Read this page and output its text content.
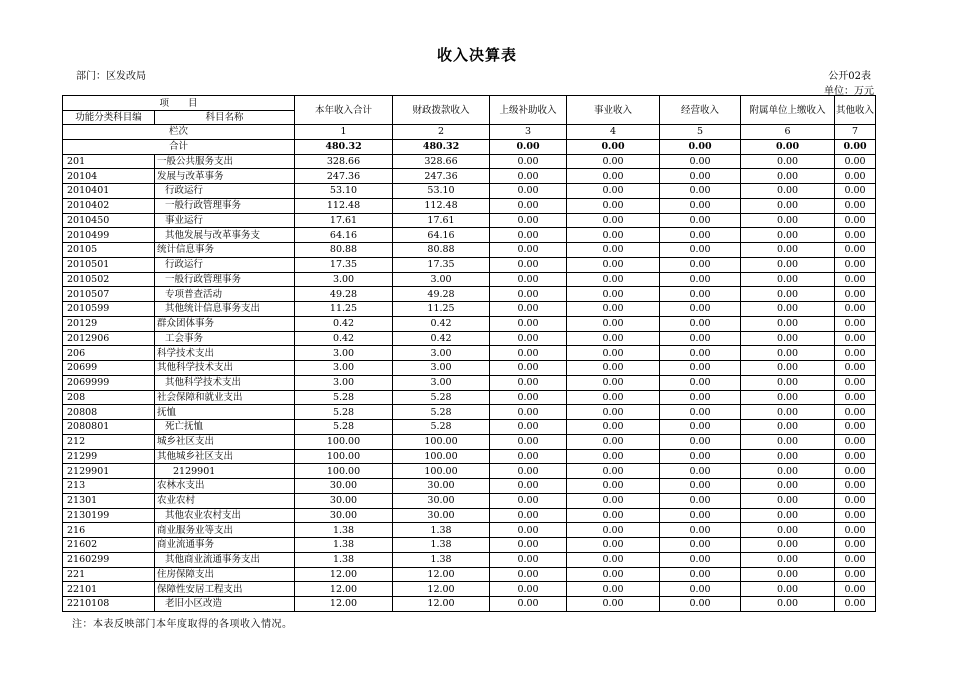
收入决算表
部门：区发改局	公开02表
单位：万元
项　　目		本年收入合计	财政拨款收入	上级补助收入	事业收入	经营收入	附属单位上缴收入	其他收入
功能分类科目编	科目名称							
栏次		1	2	3	4	5	6	7
合计		480.32	480.32	0.00	0.00	0.00	0.00	0.00
201	一般公共服务支出	328.66	328.66	0.00	0.00	0.00	0.00	0.00
20104	发展与改革事务	247.36	247.36	0.00	0.00	0.00	0.00	0.00
2010401	行政运行	53.10	53.10	0.00	0.00	0.00	0.00	0.00
2010402	一般行政管理事务	112.48	112.48	0.00	0.00	0.00	0.00	0.00
2010450	事业运行	17.61	17.61	0.00	0.00	0.00	0.00	0.00
2010499	其他发展与改革事务支	64.16	64.16	0.00	0.00	0.00	0.00	0.00
20105	统计信息事务	80.88	80.88	0.00	0.00	0.00	0.00	0.00
2010501	行政运行	17.35	17.35	0.00	0.00	0.00	0.00	0.00
2010502	一般行政管理事务	3.00	3.00	0.00	0.00	0.00	0.00	0.00
2010507	专项普查活动	49.28	49.28	0.00	0.00	0.00	0.00	0.00
2010599	其他统计信息事务支出	11.25	11.25	0.00	0.00	0.00	0.00	0.00
20129	群众团体事务	0.42	0.42	0.00	0.00	0.00	0.00	0.00
2012906	工会事务	0.42	0.42	0.00	0.00	0.00	0.00	0.00
206	科学技术支出	3.00	3.00	0.00	0.00	0.00	0.00	0.00
20699	其他科学技术支出	3.00	3.00	0.00	0.00	0.00	0.00	0.00
2069999	其他科学技术支出	3.00	3.00	0.00	0.00	0.00	0.00	0.00
208	社会保障和就业支出	5.28	5.28	0.00	0.00	0.00	0.00	0.00
20808	抚恤	5.28	5.28	0.00	0.00	0.00	0.00	0.00
2080801	死亡抚恤	5.28	5.28	0.00	0.00	0.00	0.00	0.00
212	城乡社区支出	100.00	100.00	0.00	0.00	0.00	0.00	0.00
21299	其他城乡社区支出	100.00	100.00	0.00	0.00	0.00	0.00	0.00
2129901	2129901	100.00	100.00	0.00	0.00	0.00	0.00	0.00
213	农林水支出	30.00	30.00	0.00	0.00	0.00	0.00	0.00
21301	农业农村	30.00	30.00	0.00	0.00	0.00	0.00	0.00
2130199	其他农业农村支出	30.00	30.00	0.00	0.00	0.00	0.00	0.00
216	商业服务业等支出	1.38	1.38	0.00	0.00	0.00	0.00	0.00
21602	商业流通事务	1.38	1.38	0.00	0.00	0.00	0.00	0.00
2160299	其他商业流通事务支出	1.38	1.38	0.00	0.00	0.00	0.00	0.00
221	住房保障支出	12.00	12.00	0.00	0.00	0.00	0.00	0.00
22101	保障性安居工程支出	12.00	12.00	0.00	0.00	0.00	0.00	0.00
2210108	老旧小区改造	12.00	12.00	0.00	0.00	0.00	0.00	0.00
注：本表反映部门本年度取得的各项收入情况。
